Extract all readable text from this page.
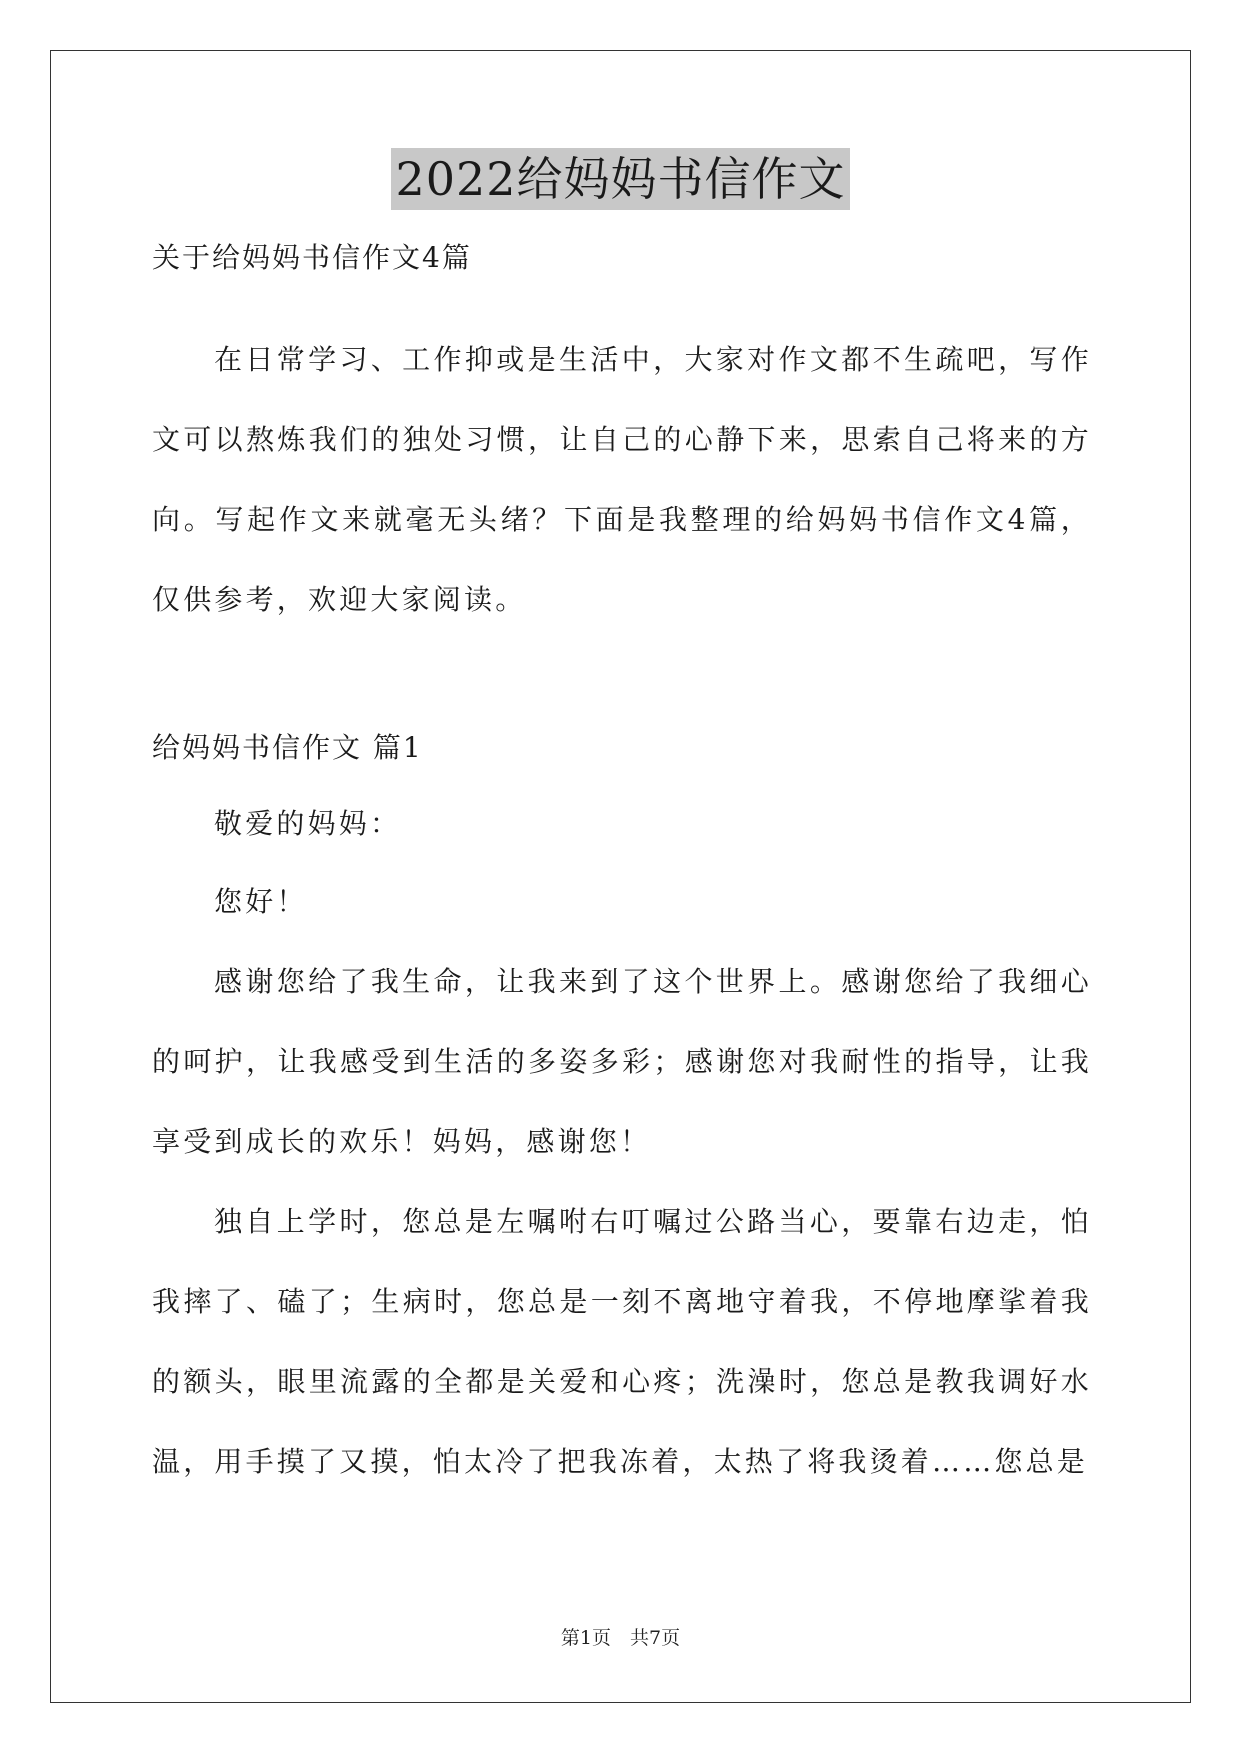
2022给妈妈书信作文

关于给妈妈书信作文4篇

在日常学习、工作抑或是生活中，大家对作文都不生疏吧，写作文可以熬炼我们的独处习惯，让自己的心静下来，思索自己将来的方向。写起作文来就毫无头绪？下面是我整理的给妈妈书信作文4篇，仅供参考，欢迎大家阅读。

给妈妈书信作文 篇1

敬爱的妈妈：

您好！

感谢您给了我生命，让我来到了这个世界上。感谢您给了我细心的呵护，让我感受到生活的多姿多彩；感谢您对我耐性的指导，让我享受到成长的欢乐！妈妈，感谢您！

独自上学时，您总是左嘱咐右叮嘱过公路当心，要靠右边走，怕我摔了、磕了；生病时，您总是一刻不离地守着我，不停地摩挲着我的额头，眼里流露的全都是关爱和心疼；洗澡时，您总是教我调好水温，用手摸了又摸，怕太冷了把我冻着，太热了将我烫着……您总是

第1页　共7页
